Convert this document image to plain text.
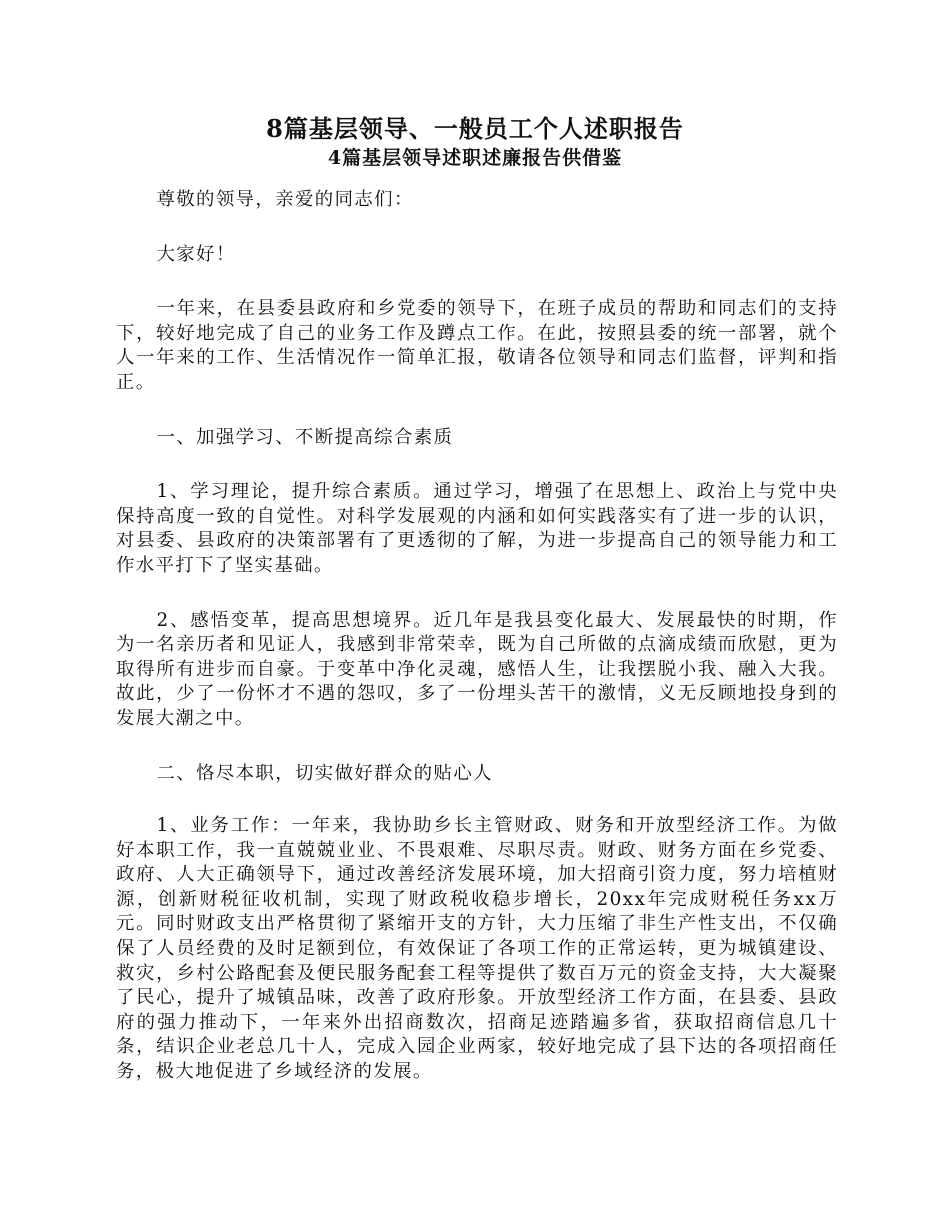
8篇基层领导、一般员工个人述职报告
4篇基层领导述职述廉报告供借鉴

尊敬的领导，亲爱的同志们：

大家好！

一年来，在县委县政府和乡党委的领导下，在班子成员的帮助和同志们的支持下，较好地完成了自己的业务工作及蹲点工作。在此，按照县委的统一部署，就个人一年来的工作、生活情况作一简单汇报，敬请各位领导和同志们监督，评判和指正。

一、加强学习、不断提高综合素质

1、学习理论，提升综合素质。通过学习，增强了在思想上、政治上与党中央保持高度一致的自觉性。对科学发展观的内涵和如何实践落实有了进一步的认识，对县委、县政府的决策部署有了更透彻的了解，为进一步提高自己的领导能力和工作水平打下了坚实基础。

2、感悟变革，提高思想境界。近几年是我县变化最大、发展最快的时期，作为一名亲历者和见证人，我感到非常荣幸，既为自己所做的点滴成绩而欣慰，更为取得所有进步而自豪。于变革中净化灵魂，感悟人生，让我摆脱小我、融入大我。故此，少了一份怀才不遇的怨叹，多了一份埋头苦干的激情，义无反顾地投身到的发展大潮之中。

二、恪尽本职，切实做好群众的贴心人

1、业务工作：一年来，我协助乡长主管财政、财务和开放型经济工作。为做好本职工作，我一直兢兢业业、不畏艰难、尽职尽责。财政、财务方面在乡党委、政府、人大正确领导下，通过改善经济发展环境，加大招商引资力度，努力培植财源，创新财税征收机制，实现了财政税收稳步增长，20xx年完成财税任务xx万元。同时财政支出严格贯彻了紧缩开支的方针，大力压缩了非生产性支出，不仅确保了人员经费的及时足额到位，有效保证了各项工作的正常运转，更为城镇建设、救灾，乡村公路配套及便民服务配套工程等提供了数百万元的资金支持，大大凝聚了民心，提升了城镇品味，改善了政府形象。开放型经济工作方面，在县委、县政府的强力推动下，一年来外出招商数次，招商足迹踏遍多省，获取招商信息几十条，结识企业老总几十人，完成入园企业两家，较好地完成了县下达的各项招商任务，极大地促进了乡域经济的发展。
